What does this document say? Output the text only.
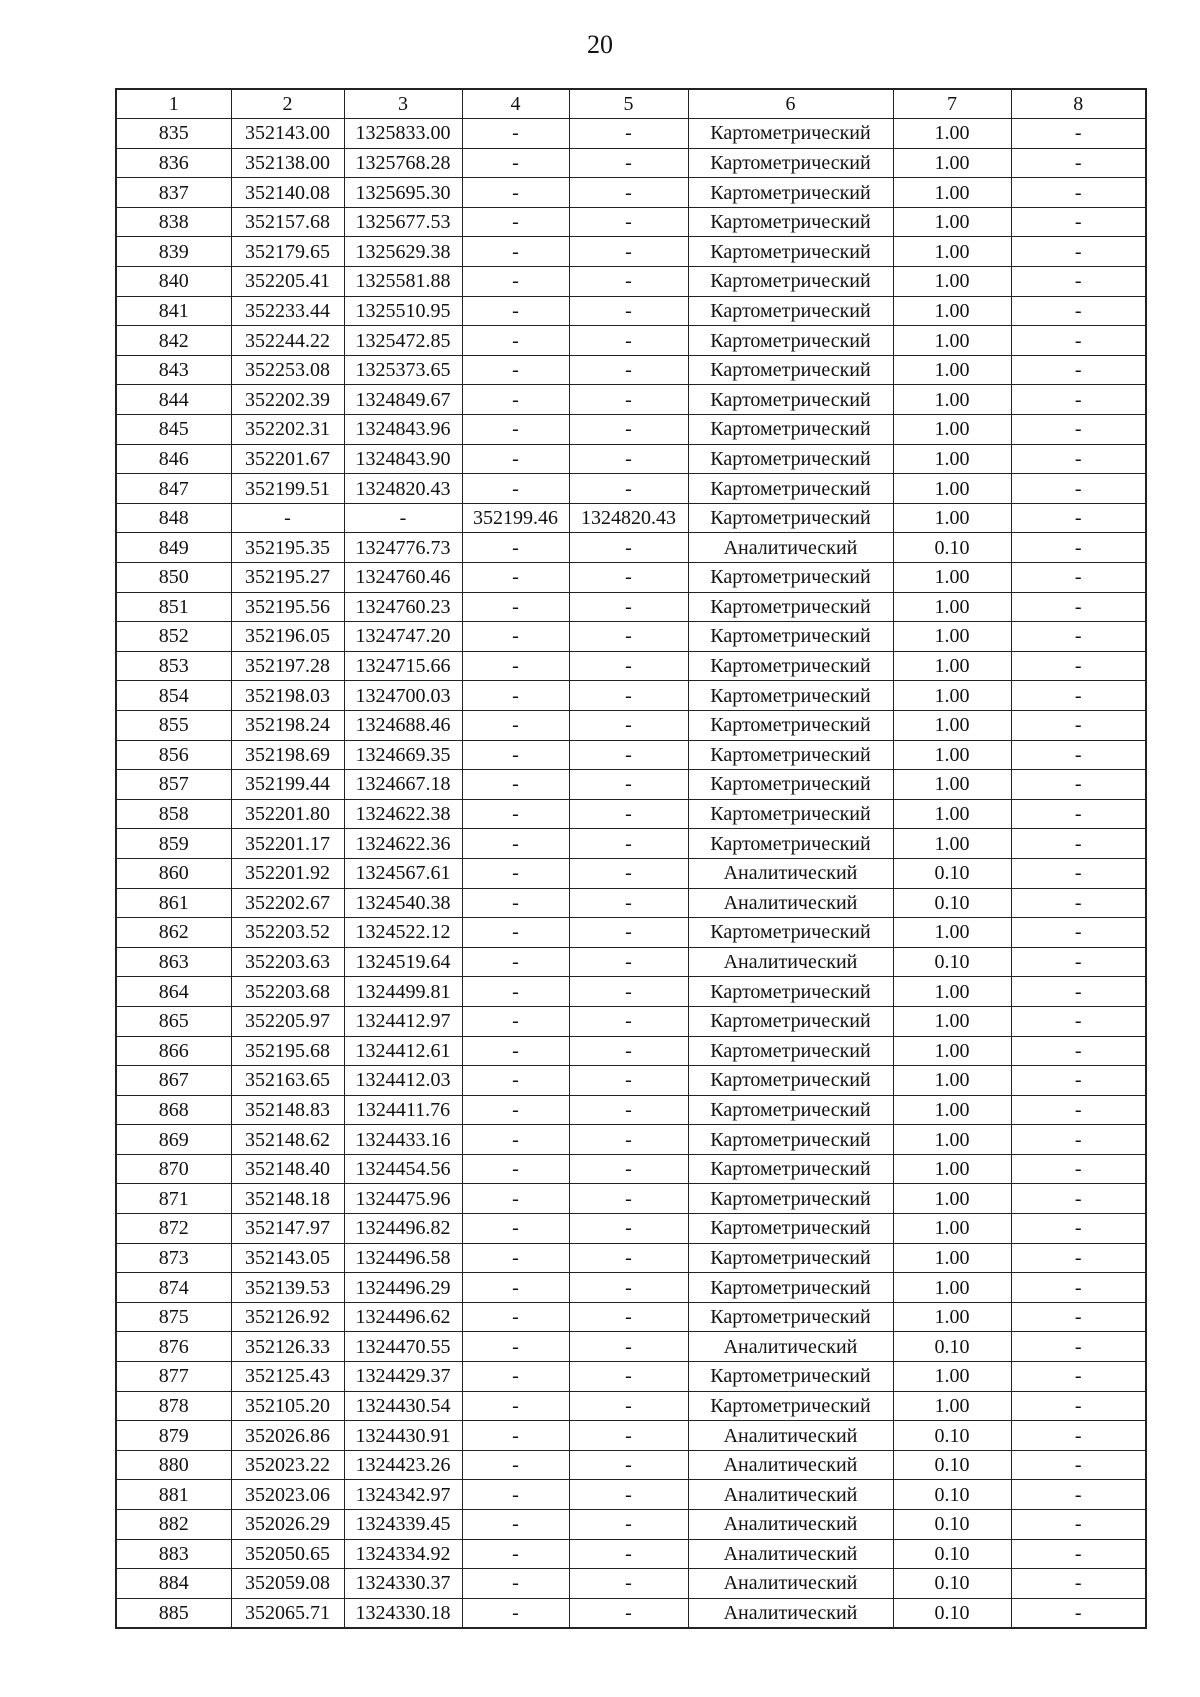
20
1	2	3	4	5	6	7	8
835	352143.00	1325833.00	-	-	Картометрический	1.00	-
836	352138.00	1325768.28	-	-	Картометрический	1.00	-
837	352140.08	1325695.30	-	-	Картометрический	1.00	-
838	352157.68	1325677.53	-	-	Картометрический	1.00	-
839	352179.65	1325629.38	-	-	Картометрический	1.00	-
840	352205.41	1325581.88	-	-	Картометрический	1.00	-
841	352233.44	1325510.95	-	-	Картометрический	1.00	-
842	352244.22	1325472.85	-	-	Картометрический	1.00	-
843	352253.08	1325373.65	-	-	Картометрический	1.00	-
844	352202.39	1324849.67	-	-	Картометрический	1.00	-
845	352202.31	1324843.96	-	-	Картометрический	1.00	-
846	352201.67	1324843.90	-	-	Картометрический	1.00	-
847	352199.51	1324820.43	-	-	Картометрический	1.00	-
848	-	-	352199.46	1324820.43	Картометрический	1.00	-
849	352195.35	1324776.73	-	-	Аналитический	0.10	-
850	352195.27	1324760.46	-	-	Картометрический	1.00	-
851	352195.56	1324760.23	-	-	Картометрический	1.00	-
852	352196.05	1324747.20	-	-	Картометрический	1.00	-
853	352197.28	1324715.66	-	-	Картометрический	1.00	-
854	352198.03	1324700.03	-	-	Картометрический	1.00	-
855	352198.24	1324688.46	-	-	Картометрический	1.00	-
856	352198.69	1324669.35	-	-	Картометрический	1.00	-
857	352199.44	1324667.18	-	-	Картометрический	1.00	-
858	352201.80	1324622.38	-	-	Картометрический	1.00	-
859	352201.17	1324622.36	-	-	Картометрический	1.00	-
860	352201.92	1324567.61	-	-	Аналитический	0.10	-
861	352202.67	1324540.38	-	-	Аналитический	0.10	-
862	352203.52	1324522.12	-	-	Картометрический	1.00	-
863	352203.63	1324519.64	-	-	Аналитический	0.10	-
864	352203.68	1324499.81	-	-	Картометрический	1.00	-
865	352205.97	1324412.97	-	-	Картометрический	1.00	-
866	352195.68	1324412.61	-	-	Картометрический	1.00	-
867	352163.65	1324412.03	-	-	Картометрический	1.00	-
868	352148.83	1324411.76	-	-	Картометрический	1.00	-
869	352148.62	1324433.16	-	-	Картометрический	1.00	-
870	352148.40	1324454.56	-	-	Картометрический	1.00	-
871	352148.18	1324475.96	-	-	Картометрический	1.00	-
872	352147.97	1324496.82	-	-	Картометрический	1.00	-
873	352143.05	1324496.58	-	-	Картометрический	1.00	-
874	352139.53	1324496.29	-	-	Картометрический	1.00	-
875	352126.92	1324496.62	-	-	Картометрический	1.00	-
876	352126.33	1324470.55	-	-	Аналитический	0.10	-
877	352125.43	1324429.37	-	-	Картометрический	1.00	-
878	352105.20	1324430.54	-	-	Картометрический	1.00	-
879	352026.86	1324430.91	-	-	Аналитический	0.10	-
880	352023.22	1324423.26	-	-	Аналитический	0.10	-
881	352023.06	1324342.97	-	-	Аналитический	0.10	-
882	352026.29	1324339.45	-	-	Аналитический	0.10	-
883	352050.65	1324334.92	-	-	Аналитический	0.10	-
884	352059.08	1324330.37	-	-	Аналитический	0.10	-
885	352065.71	1324330.18	-	-	Аналитический	0.10	-
